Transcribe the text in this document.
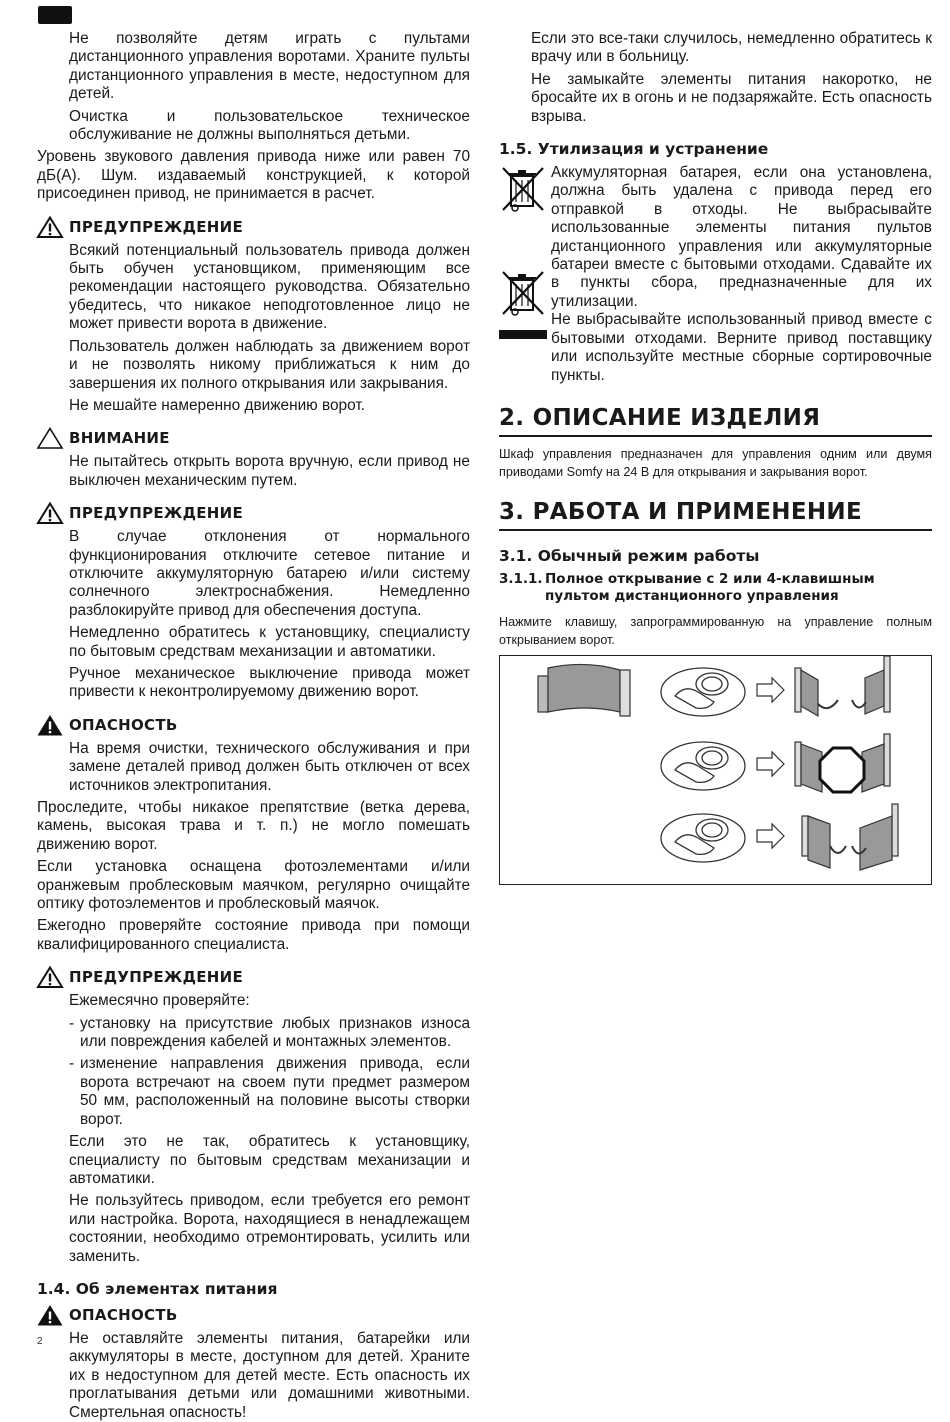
Не позволяйте детям играть с пультами дистанционного управления воротами. Храните пульты дистанционного управления в месте, недоступном для детей.

Очистка и пользовательское техническое обслуживание не должны выполняться детьми.

Уровень звукового давления привода ниже или равен 70 дБ(A). Шум. издаваемый конструкцией, к которой присоединен привод, не принимается в расчет.

ПРЕДУПРЕЖДЕНИЕ

Всякий потенциальный пользователь привода должен быть обучен установщиком, применяющим все рекомендации настоящего руководства. Обязательно убедитесь, что никакое неподготовленное лицо не может привести ворота в движение.

Пользователь должен наблюдать за движением ворот и не позволять никому приближаться к ним до завершения их полного открывания или закрывания.

Не мешайте намеренно движению ворот.

ВНИМАНИЕ

Не пытайтесь открыть ворота вручную, если привод не выключен механическим путем.

ПРЕДУПРЕЖДЕНИЕ

В случае отклонения от нормального функционирования отключите сетевое питание и отключите аккумуляторную батарею и/или систему солнечного электроснабжения. Немедленно разблокируйте привод для обеспечения доступа.

Немедленно обратитесь к установщику, специалисту по бытовым средствам механизации и автоматики.

Ручное механическое выключение привода может привести к неконтролируемому движению ворот.

ОПАСНОСТЬ

На время очистки, технического обслуживания и при замене деталей привод должен быть отключен от всех источников электропитания.

Проследите, чтобы никакое препятствие (ветка дерева, камень, высокая трава и т. п.) не могло помешать движению ворот.

Если установка оснащена фотоэлементами и/или оранжевым проблесковым маячком, регулярно очищайте оптику фотоэлементов и проблесковый маячок.

Ежегодно проверяйте состояние привода при помощи квалифицированного специалиста.

ПРЕДУПРЕЖДЕНИЕ

Ежемесячно проверяйте:

- установку на присутствие любых признаков износа или повреждения кабелей и монтажных элементов.
- изменение направления движения привода, если ворота встречают на своем пути предмет размером 50 мм, расположенный на половине высоты створки ворот.

Если это не так, обратитесь к установщику, специалисту по бытовым средствам механизации и автоматики.

Не пользуйтесь приводом, если требуется его ремонт или настройка. Ворота, находящиеся в ненадлежащем состоянии, необходимо отремонтировать, усилить или заменить.

1.4. Об элементах питания
ОПАСНОСТЬ

Не оставляйте элементы питания, батарейки или аккумуляторы в месте, доступном для детей. Храните их в недоступном для детей месте. Есть опасность их проглатывания детьми или домашними животными. Смертельная опасность!

Если это все-таки случилось, немедленно обратитесь к врачу или в больницу.

Не замыкайте элементы питания накоротко, не бросайте их в огонь и не подзаряжайте. Есть опасность взрыва.

1.5. Утилизация и устранение

Аккумуляторная батарея, если она установлена, должна быть удалена с привода перед его отправкой в отходы. Не выбрасывайте использованные элементы питания пультов дистанционного управления или аккумуляторные батареи вместе с бытовыми отходами. Сдавайте их в пункты сбора, предназначенные для их утилизации.

Не выбрасывайте использованный привод вместе с бытовыми отходами. Верните привод поставщику или используйте местные сборные сортировочные пункты.

2. ОПИСАНИЕ ИЗДЕЛИЯ

Шкаф управления предназначен для управления одним или двумя приводами Somfy на 24 В для открывания и закрывания ворот.

3. РАБОТА И ПРИМЕНЕНИЕ
3.1. Обычный режим работы
3.1.1. Полное открывание с 2 или 4-клавишным пультом дистанционного управления

Нажмите клавишу, запрограммированную на управление полным открыванием ворот.

2
